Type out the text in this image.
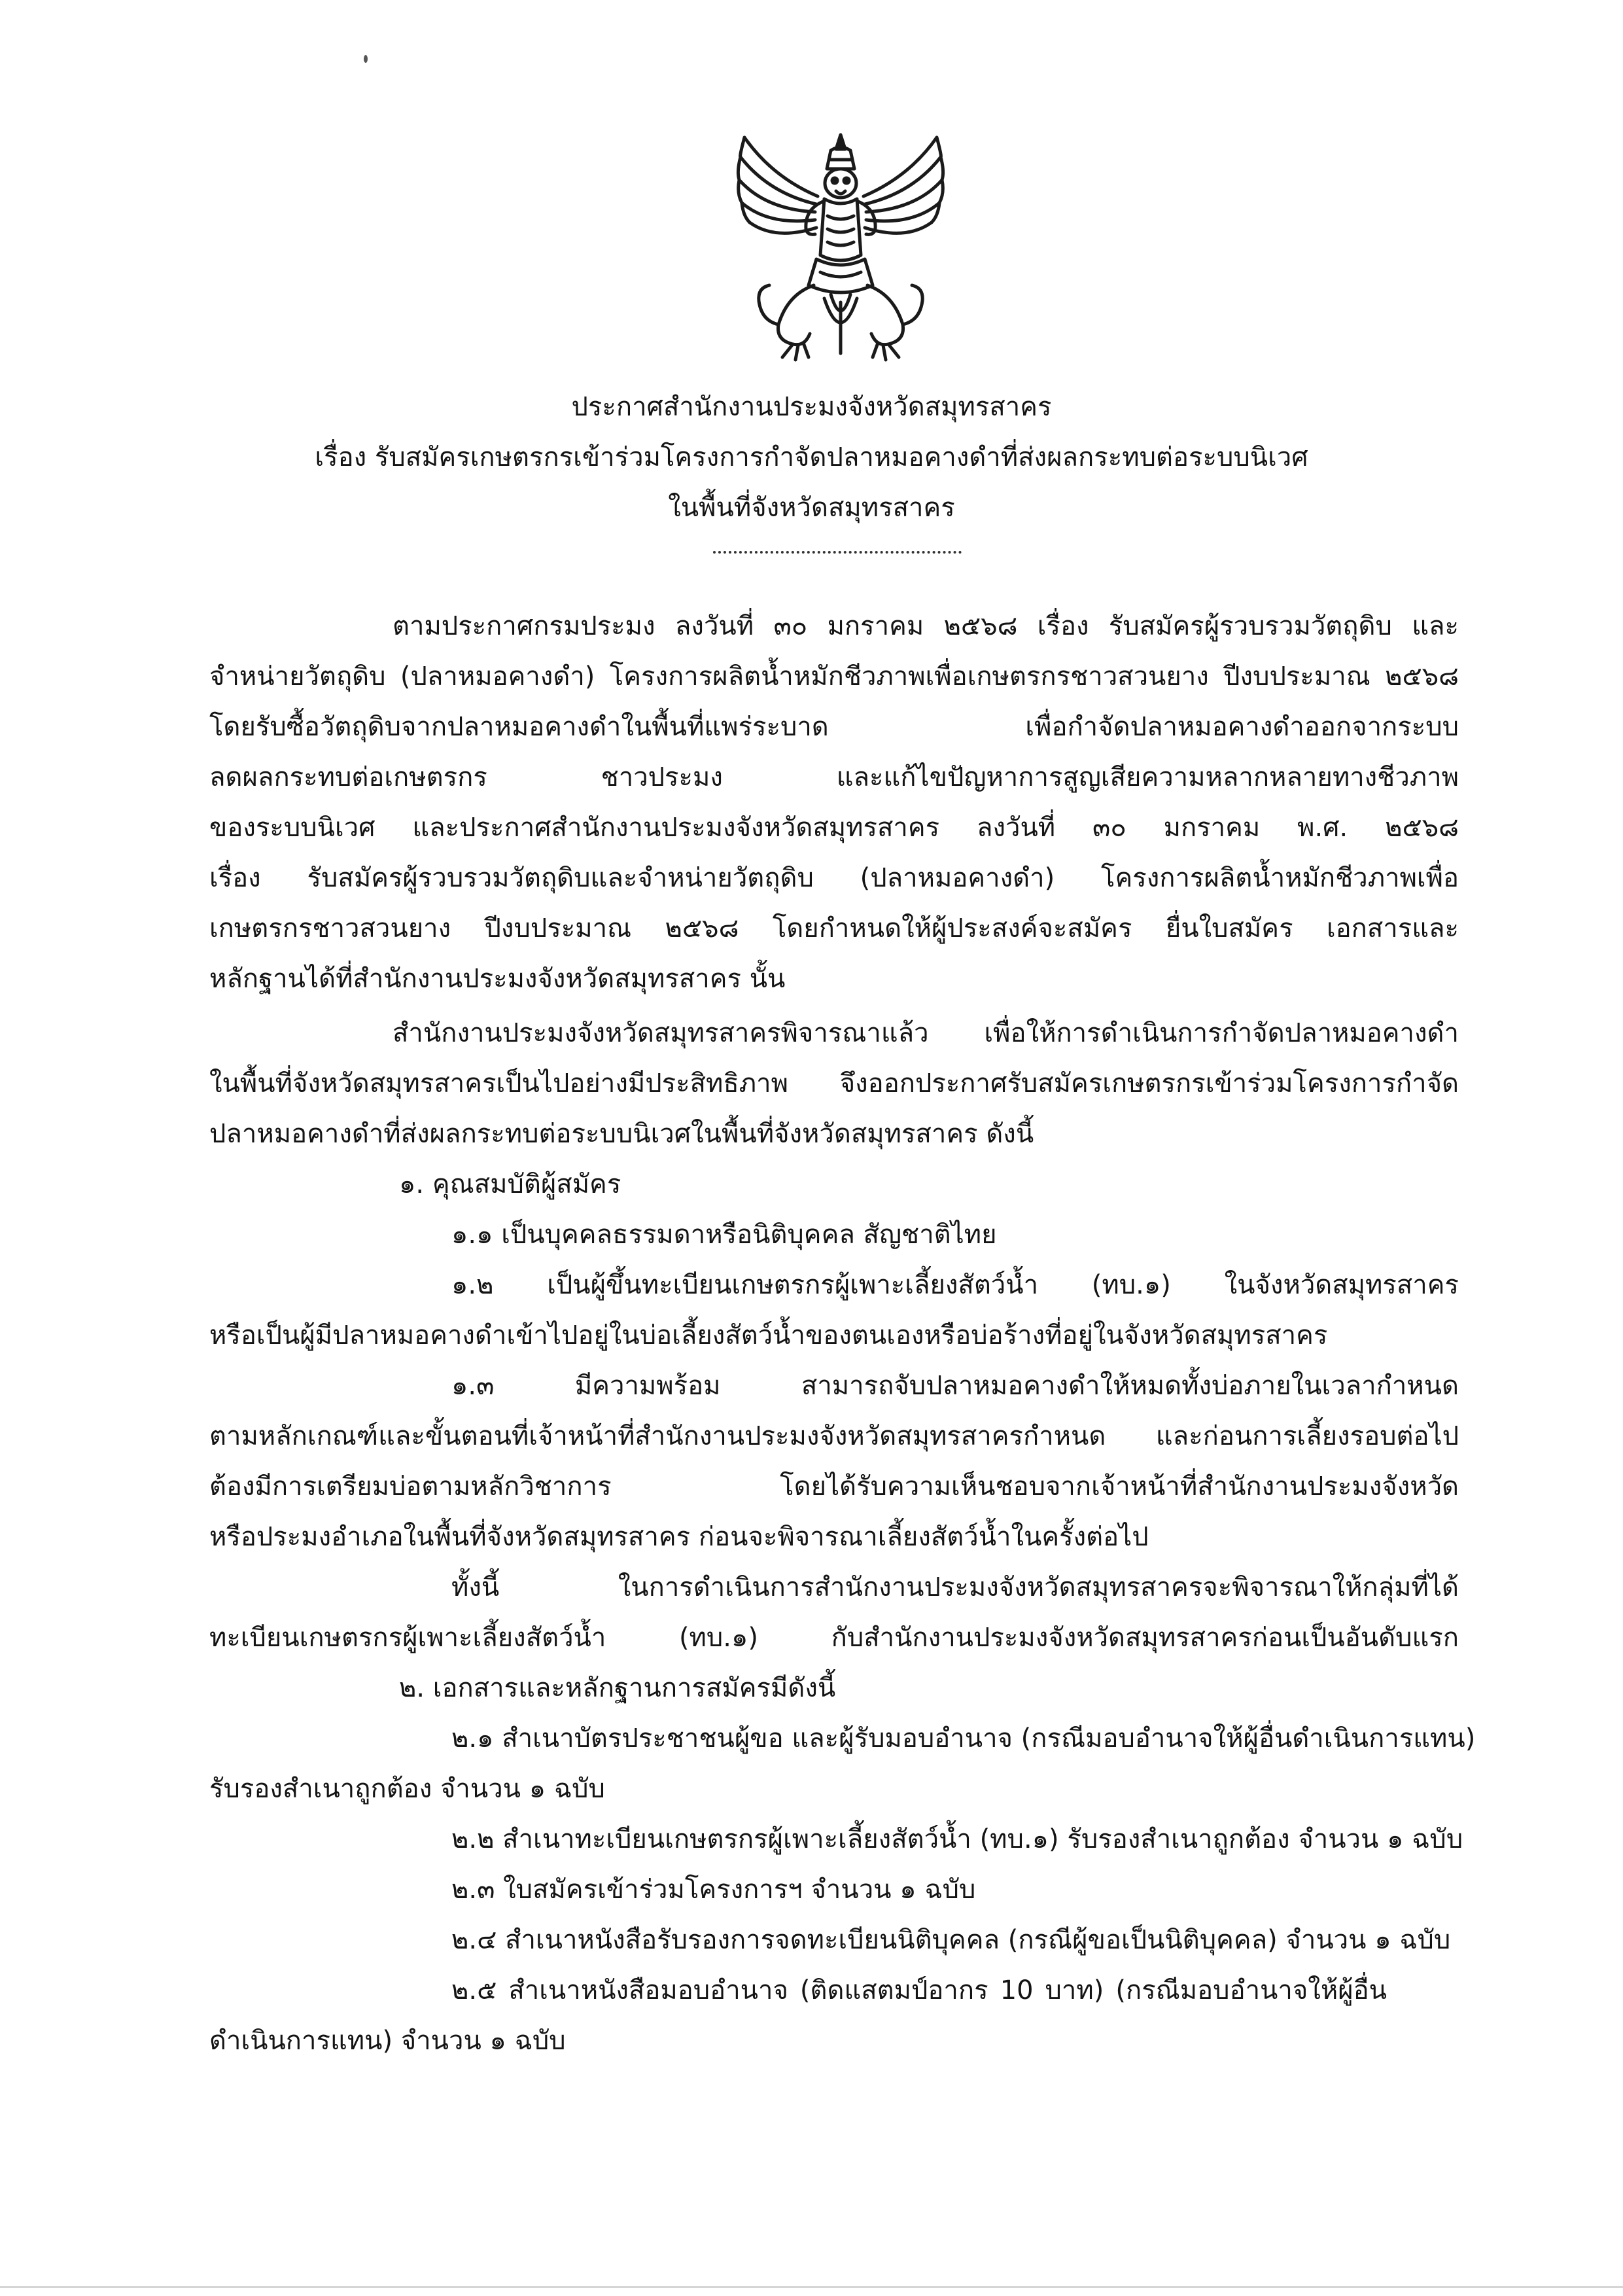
ประกาศสำนักงานประมงจังหวัดสมุทรสาคร
เรื่อง รับสมัครเกษตรกรเข้าร่วมโครงการกำจัดปลาหมอคางดำที่ส่งผลกระทบต่อระบบนิเวศ
ในพื้นที่จังหวัดสมุทรสาคร
ตามประกาศกรมประมง ลงวันที่ ๓๐ มกราคม ๒๕๖๘ เรื่อง รับสมัครผู้รวบรวมวัตถุดิบ และ
จำหน่ายวัตถุดิบ (ปลาหมอคางดำ) โครงการผลิตน้ำหมักชีวภาพเพื่อเกษตรกรชาวสวนยาง ปีงบประมาณ ๒๕๖๘
โดยรับซื้อวัตถุดิบจากปลาหมอคางดำในพื้นที่แพร่ระบาด เพื่อกำจัดปลาหมอคางดำออกจากระบบ
ลดผลกระทบต่อเกษตรกร ชาวประมง และแก้ไขปัญหาการสูญเสียความหลากหลายทางชีวภาพ
ของระบบนิเวศ และประกาศสำนักงานประมงจังหวัดสมุทรสาคร ลงวันที่ ๓๐ มกราคม พ.ศ. ๒๕๖๘
เรื่อง รับสมัครผู้รวบรวมวัตถุดิบและจำหน่ายวัตถุดิบ (ปลาหมอคางดำ) โครงการผลิตน้ำหมักชีวภาพเพื่อ
เกษตรกรชาวสวนยาง ปีงบประมาณ ๒๕๖๘ โดยกำหนดให้ผู้ประสงค์จะสมัคร ยื่นใบสมัคร เอกสารและ
หลักฐานได้ที่สำนักงานประมงจังหวัดสมุทรสาคร นั้น
สำนักงานประมงจังหวัดสมุทรสาครพิจารณาแล้ว เพื่อให้การดำเนินการกำจัดปลาหมอคางดำ
ในพื้นที่จังหวัดสมุทรสาครเป็นไปอย่างมีประสิทธิภาพ จึงออกประกาศรับสมัครเกษตรกรเข้าร่วมโครงการกำจัด
ปลาหมอคางดำที่ส่งผลกระทบต่อระบบนิเวศในพื้นที่จังหวัดสมุทรสาคร ดังนี้
๑. คุณสมบัติผู้สมัคร
๑.๑ เป็นบุคคลธรรมดาหรือนิติบุคคล สัญชาติไทย
๑.๒ เป็นผู้ขึ้นทะเบียนเกษตรกรผู้เพาะเลี้ยงสัตว์น้ำ (ทบ.๑) ในจังหวัดสมุทรสาคร
หรือเป็นผู้มีปลาหมอคางดำเข้าไปอยู่ในบ่อเลี้ยงสัตว์น้ำของตนเองหรือบ่อร้างที่อยู่ในจังหวัดสมุทรสาคร
๑.๓ มีความพร้อม สามารถจับปลาหมอคางดำให้หมดทั้งบ่อภายในเวลากำหนด
ตามหลักเกณฑ์และขั้นตอนที่เจ้าหน้าที่สำนักงานประมงจังหวัดสมุทรสาครกำหนด และก่อนการเลี้ยงรอบต่อไป
ต้องมีการเตรียมบ่อตามหลักวิชาการ โดยได้รับความเห็นชอบจากเจ้าหน้าที่สำนักงานประมงจังหวัด
หรือประมงอำเภอในพื้นที่จังหวัดสมุทรสาคร ก่อนจะพิจารณาเลี้ยงสัตว์น้ำในครั้งต่อไป
ทั้งนี้ ในการดำเนินการสำนักงานประมงจังหวัดสมุทรสาครจะพิจารณาให้กลุ่มที่ได้
ทะเบียนเกษตรกรผู้เพาะเลี้ยงสัตว์น้ำ (ทบ.๑) กับสำนักงานประมงจังหวัดสมุทรสาครก่อนเป็นอันดับแรก
๒. เอกสารและหลักฐานการสมัครมีดังนี้
๒.๑ สำเนาบัตรประชาชนผู้ขอ และผู้รับมอบอำนาจ (กรณีมอบอำนาจให้ผู้อื่นดำเนินการแทน)
รับรองสำเนาถูกต้อง จำนวน ๑ ฉบับ
๒.๒ สำเนาทะเบียนเกษตรกรผู้เพาะเลี้ยงสัตว์น้ำ (ทบ.๑) รับรองสำเนาถูกต้อง จำนวน ๑ ฉบับ
๒.๓ ใบสมัครเข้าร่วมโครงการฯ จำนวน ๑ ฉบับ
๒.๔ สำเนาหนังสือรับรองการจดทะเบียนนิติบุคคล (กรณีผู้ขอเป็นนิติบุคคล) จำนวน ๑ ฉบับ
๒.๕ สำเนาหนังสือมอบอำนาจ (ติดแสตมป์อากร 10 บาท) (กรณีมอบอำนาจให้ผู้อื่น
ดำเนินการแทน) จำนวน ๑ ฉบับ
